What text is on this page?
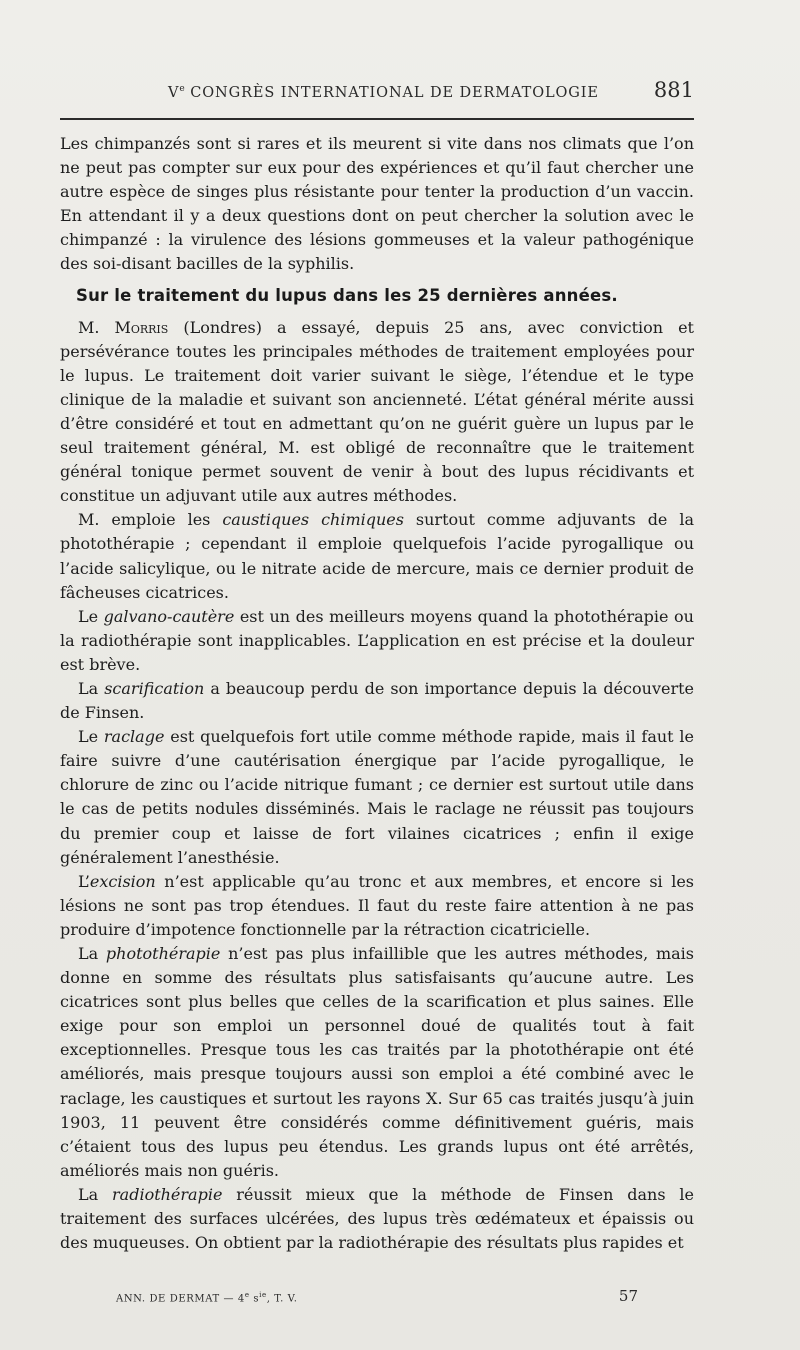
Ve CONGRÈS INTERNATIONAL DE DERMATOLOGIE	881

Les chimpanzés sont si rares et ils meurent si vite dans nos climats que l’on ne peut pas compter sur eux pour des expériences et qu’il faut chercher une autre espèce de singes plus résistante pour tenter la production d’un vaccin. En attendant il y a deux questions dont on peut chercher la solution avec le chimpanzé : la virulence des lésions gommeuses et la valeur pathogénique des soi-disant bacilles de la syphilis.

Sur le traitement du lupus dans les 25 dernières années.

M. Morris (Londres) a essayé, depuis 25 ans, avec conviction et persévérance toutes les principales méthodes de traitement employées pour le lupus. Le traitement doit varier suivant le siège, l’étendue et le type clinique de la maladie et suivant son ancienneté. L’état général mérite aussi d’être considéré et tout en admettant qu’on ne guérit guère un lupus par le seul traitement général, M. est obligé de reconnaître que le traitement général tonique permet souvent de venir à bout des lupus récidivants et constitue un adjuvant utile aux autres méthodes.

M. emploie les caustiques chimiques surtout comme adjuvants de la photothérapie ; cependant il emploie quelquefois l’acide pyrogallique ou l’acide salicylique, ou le nitrate acide de mercure, mais ce dernier produit de fâcheuses cicatrices.

Le galvano-cautère est un des meilleurs moyens quand la photothérapie ou la radiothérapie sont inapplicables. L’application en est précise et la douleur est brève.

La scarification a beaucoup perdu de son importance depuis la découverte de Finsen.

Le raclage est quelquefois fort utile comme méthode rapide, mais il faut le faire suivre d’une cautérisation énergique par l’acide pyrogallique, le chlorure de zinc ou l’acide nitrique fumant ; ce dernier est surtout utile dans le cas de petits nodules disséminés. Mais le raclage ne réussit pas toujours du premier coup et laisse de fort vilaines cicatrices ; enfin il exige généralement l’anesthésie.

L’excision n’est applicable qu’au tronc et aux membres, et encore si les lésions ne sont pas trop étendues. Il faut du reste faire attention à ne pas produire d’impotence fonctionnelle par la rétraction cicatricielle.

La photothérapie n’est pas plus infaillible que les autres méthodes, mais donne en somme des résultats plus satisfaisants qu’aucune autre. Les cicatrices sont plus belles que celles de la scarification et plus saines. Elle exige pour son emploi un personnel doué de qualités tout à fait exceptionnelles. Presque tous les cas traités par la photothérapie ont été améliorés, mais presque toujours aussi son emploi a été combiné avec le raclage, les caustiques et surtout les rayons X. Sur 65 cas traités jusqu’à juin 1903, 11 peuvent être considérés comme définitivement guéris, mais c’étaient tous des lupus peu étendus. Les grands lupus ont été arrêtés, améliorés mais non guéris.

La radiothérapie réussit mieux que la méthode de Finsen dans le traitement des surfaces ulcérées, des lupus très œdémateux et épaissis ou des muqueuses. On obtient par la radiothérapie des résultats plus rapides et

ANN. DE DERMAT — 4e $s^{ie}$, T. V.	57
